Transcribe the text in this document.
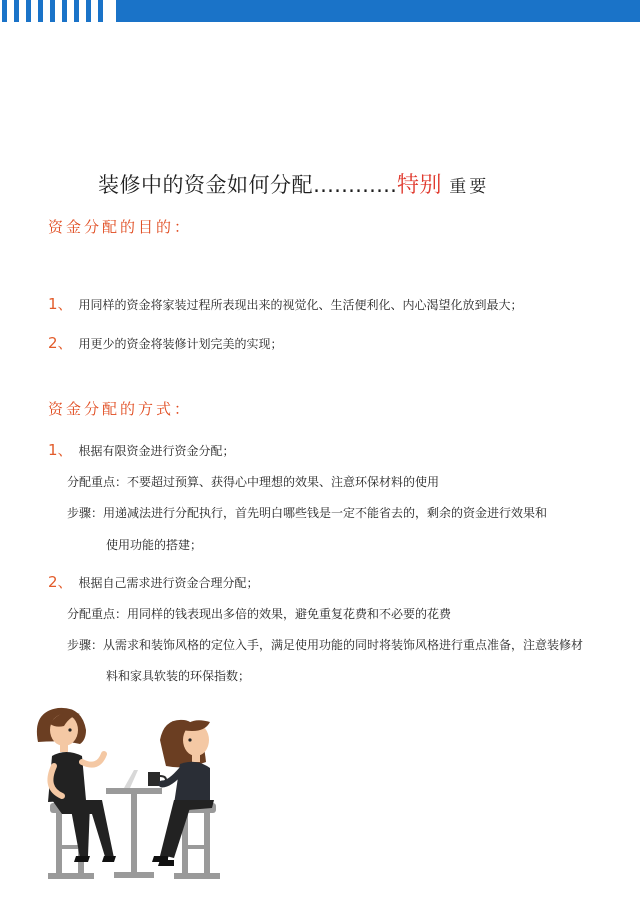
装修中的资金如何分配…………特别 重要
资金分配的目的：
1、 用同样的资金将家装过程所表现出来的视觉化、生活便利化、内心渴望化放到最大；
2、 用更少的资金将装修计划完美的实现；
资金分配的方式：
1、 根据有限资金进行资金分配；
分配重点：不要超过预算、获得心中理想的效果、注意环保材料的使用
步骤：用递减法进行分配执行，首先明白哪些钱是一定不能省去的，剩余的资金进行效果和
使用功能的搭建；
2、 根据自己需求进行资金合理分配；
分配重点：用同样的钱表现出多倍的效果，避免重复花费和不必要的花费
步骤：从需求和装饰风格的定位入手，满足使用功能的同时将装饰风格进行重点准备，注意装修材
料和家具软装的环保指数；
